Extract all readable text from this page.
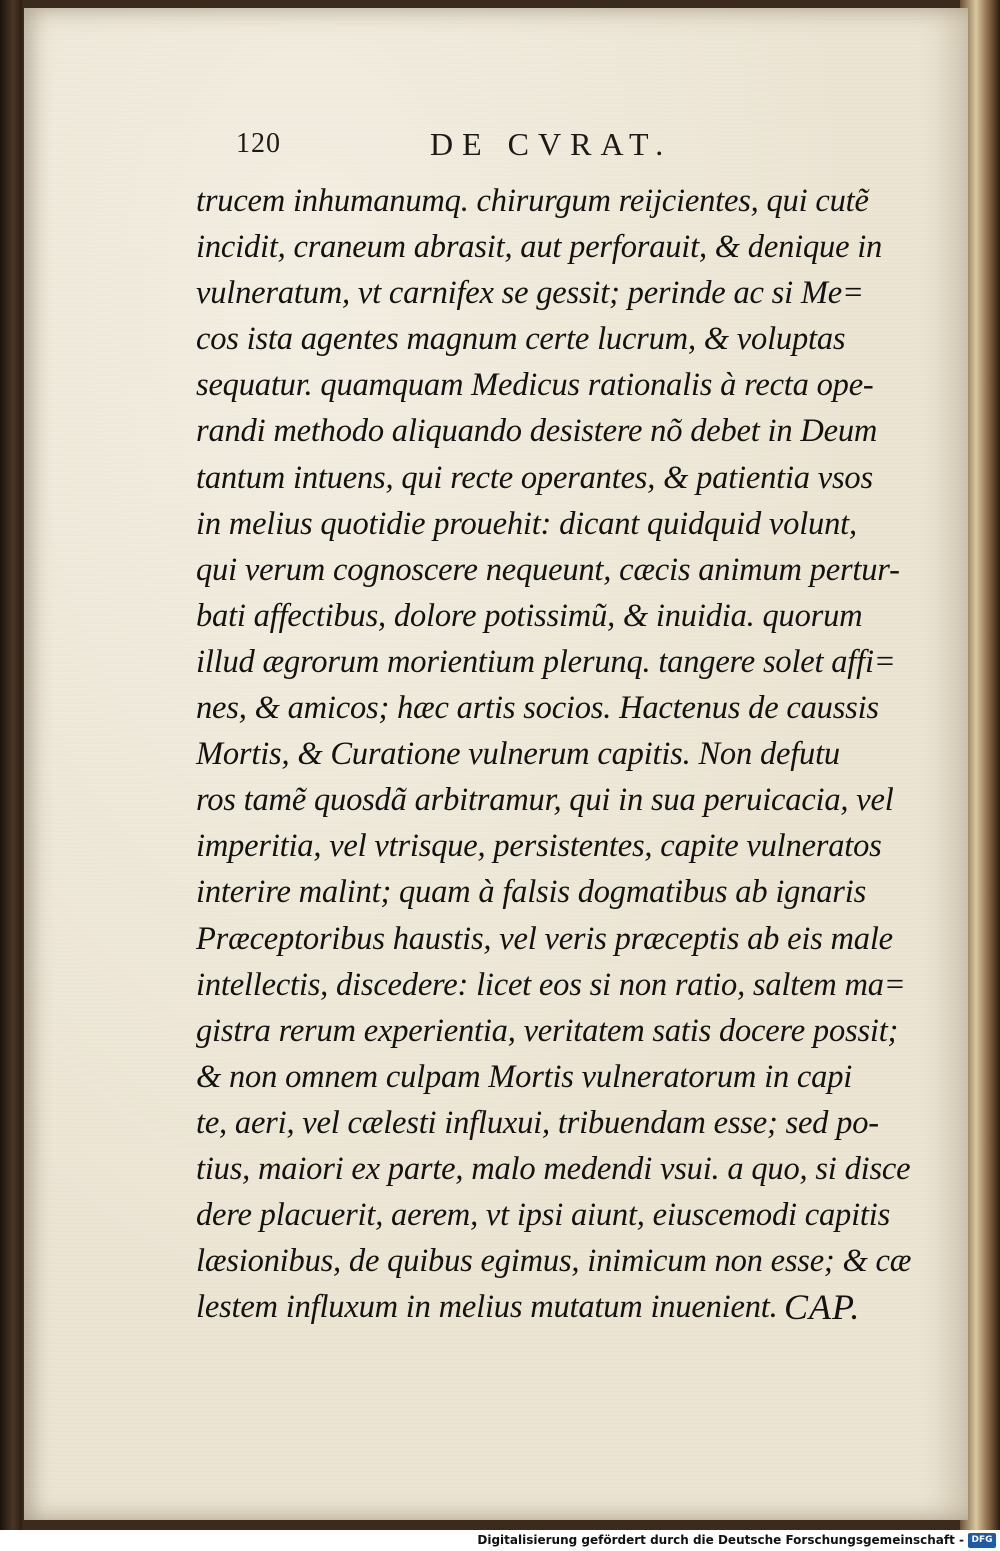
120	DE CVRAT.
trucem inhumanumq. chirurgum reijcientes, qui cutẽ
incidit, craneum abrasit, aut perforauit, & denique in
vulneratum, vt carnifex se gessit; perinde ac si Me=
cos ista agentes magnum certe lucrum, & voluptas
sequatur. quamquam Medicus rationalis à recta ope-
randi methodo aliquando desistere nõ debet in Deum
tantum intuens, qui recte operantes, & patientia vsos
in melius quotidie prouehit: dicant quidquid volunt,
qui verum cognoscere nequeunt, cæcis animum pertur-
bati affectibus, dolore potissimũ, & inuidia. quorum
illud ægrorum morientium plerunq. tangere solet affi=
nes, & amicos; hæc artis socios. Hactenus de caussis
Mortis, & Curatione vulnerum capitis. Non defutu
ros tamẽ quosdã arbitramur, qui in sua peruicacia, vel
imperitia, vel vtrisque, persistentes, capite vulneratos
interire malint; quam à falsis dogmatibus ab ignaris
Præceptoribus haustis, vel veris præceptis ab eis male
intellectis, discedere: licet eos si non ratio, saltem ma=
gistra rerum experientia, veritatem satis docere possit;
& non omnem culpam Mortis vulneratorum in capi
te, aeri, vel cælesti influxui, tribuendam esse; sed po-
tius, maiori ex parte, malo medendi vsui. a quo, si disce
dere placuerit, aerem, vt ipsi aiunt, eiuscemodi capitis
læsionibus, de quibus egimus, inimicum non esse; & cæ
lestem influxum in melius mutatum inuenient. CAP.
Digitalisierung gefördert durch die Deutsche Forschungsgemeinschaft - DFG
